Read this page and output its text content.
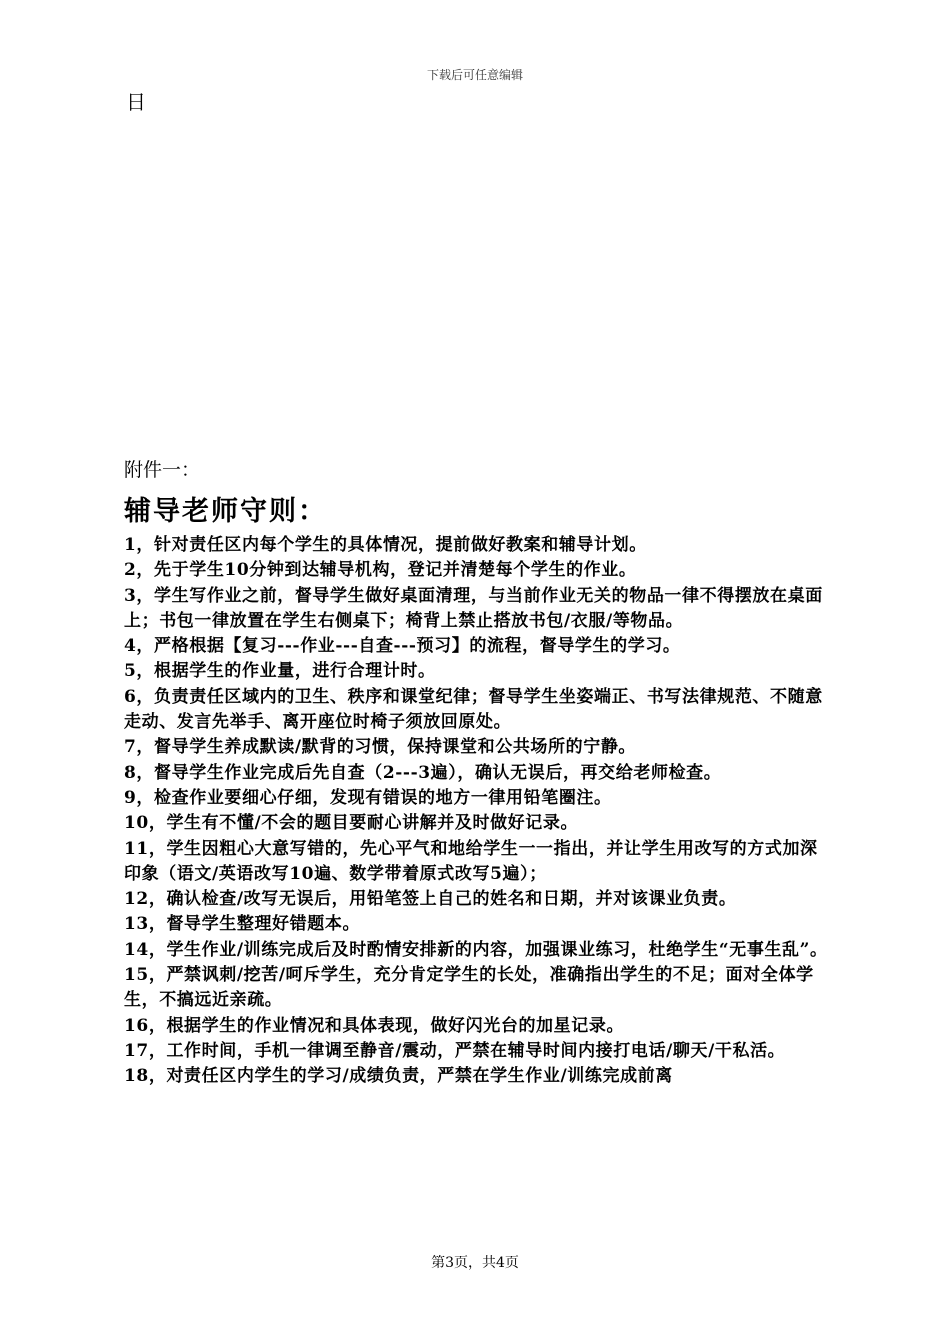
下载后可任意编辑
日
附件一：
辅导老师守则：

1，针对责任区内每个学生的具体情况，提前做好教案和辅导计划。

2，先于学生10分钟到达辅导机构，登记并清楚每个学生的作业。

3，学生写作业之前，督导学生做好桌面清理，与当前作业无关的物品一律不得摆放在桌面上；书包一律放置在学生右侧桌下；椅背上禁止搭放书包/衣服/等物品。

4，严格根据【复习---作业---自查---预习】的流程，督导学生的学习。

5，根据学生的作业量，进行合理计时。

6，负责责任区域内的卫生、秩序和课堂纪律；督导学生坐姿端正、书写法律规范、不随意走动、发言先举手、离开座位时椅子须放回原处。

7，督导学生养成默读/默背的习惯，保持课堂和公共场所的宁静。

8，督导学生作业完成后先自查（2---3遍），确认无误后，再交给老师检查。

9，检查作业要细心仔细，发现有错误的地方一律用铅笔圈注。

10，学生有不懂/不会的题目要耐心讲解并及时做好记录。

11，学生因粗心大意写错的，先心平气和地给学生一一指出，并让学生用改写的方式加深印象（语文/英语改写10遍、数学带着原式改写5遍）；

12，确认检查/改写无误后，用铅笔签上自己的姓名和日期，并对该课业负责。

13，督导学生整理好错题本。

14，学生作业/训练完成后及时酌情安排新的内容，加强课业练习，杜绝学生“无事生乱”。

15，严禁讽刺/挖苦/呵斥学生，充分肯定学生的长处，准确指出学生的不足；面对全体学生，不搞远近亲疏。

16，根据学生的作业情况和具体表现，做好闪光台的加星记录。

17，工作时间，手机一律调至静音/震动，严禁在辅导时间内接打电话/聊天/干私活。

18，对责任区内学生的学习/成绩负责，严禁在学生作业/训练完成前离

第3页，共4页
